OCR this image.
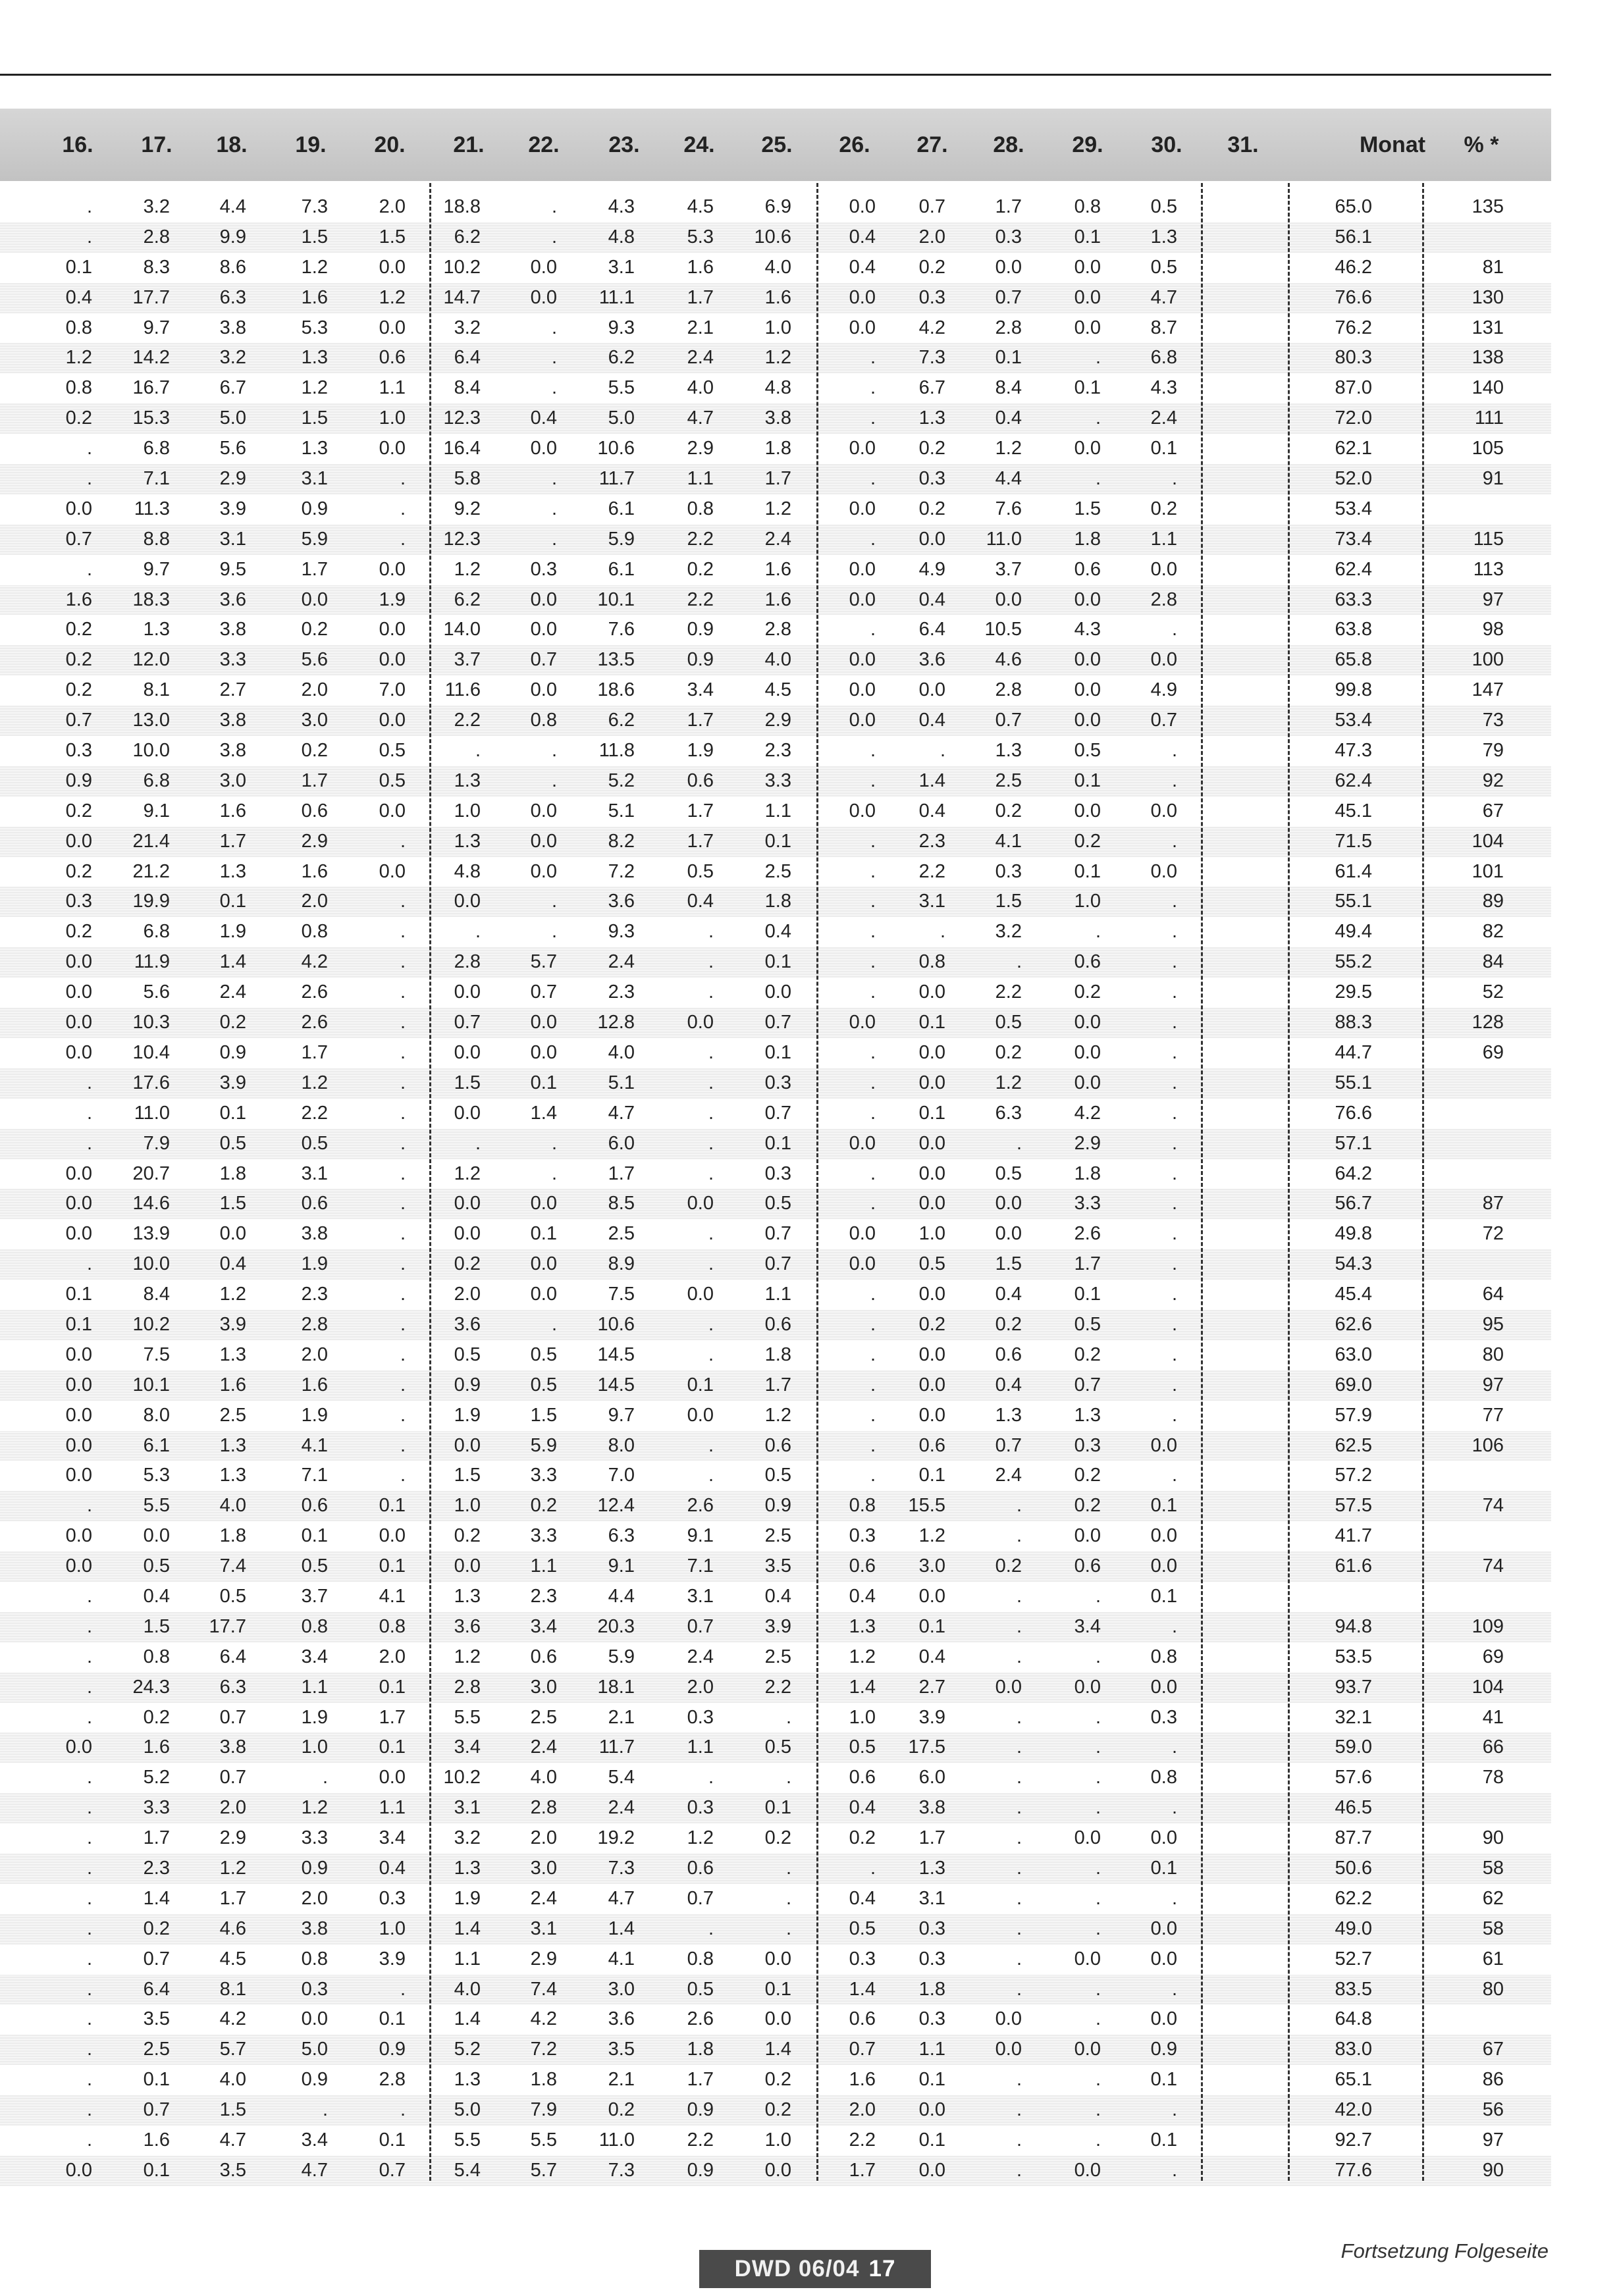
16. 17. 18. 19. 20. 21. 22. 23. 24. 25. 26. 27. 28. 29. 30. 31.	Monat % *
.	3.2	4.4	7.3	2.0 18.8	.	4.3	4.5	6.9	0.0 0.7	1.7	0.8	0.5	65.0	135
.	2.8	9.9	1.5	1.5	6.2	.	4.8	5.3 10.6	0.4 2.0	0.3	0.1	1.3	56.1
0.1	8.3	8.6	1.2	0.0 10.2	0.0	3.1	1.6	4.0	0.4 0.2	0.0	0.0	0.5	46.2	81
0.4 17.7	6.3	1.6	1.2 14.7	0.0 11.1	1.7	1.6	0.0 0.3	0.7	0.0	4.7	76.6	130
0.8	9.7	3.8	5.3	0.0	3.2	.	9.3	2.1	1.0	0.0 4.2	2.8	0.0	8.7	76.2	131
1.2 14.2	3.2	1.3	0.6	6.4	.	6.2	2.4	1.2	. 7.3	0.1	.	6.8	80.3	138
0.8 16.7	6.7	1.2	1.1	8.4	.	5.5	4.0	4.8	. 6.7	8.4	0.1	4.3	87.0	140
0.2 15.3	5.0	1.5	1.0 12.3	0.4	5.0	4.7	3.8	. 1.3	0.4	.	2.4	72.0	111
.	6.8	5.6	1.3	0.0 16.4	0.0 10.6	2.9	1.8	0.0 0.2	1.2	0.0	0.1	62.1	105
.	7.1	2.9	3.1	.	5.8	. 11.7	1.1	1.7	. 0.3	4.4	.	.	52.0	91
0.0 11.3	3.9	0.9	.	9.2	.	6.1	0.8	1.2	0.0 0.2	7.6	1.5	0.2	53.4
0.7	8.8	3.1	5.9	. 12.3	.	5.9	2.2	2.4	. 0.0 11.0	1.8	1.1	73.4	115
.	9.7	9.5	1.7	0.0	1.2	0.3	6.1	0.2	1.6	0.0 4.9	3.7	0.6	0.0	62.4	113
1.6 18.3	3.6	0.0	1.9	6.2	0.0 10.1	2.2	1.6	0.0 0.4	0.0	0.0	2.8	63.3	97
0.2	1.3	3.8	0.2	0.0 14.0	0.0	7.6	0.9	2.8	. 6.4 10.5	4.3	.	63.8	98
0.2 12.0	3.3	5.6	0.0	3.7	0.7 13.5	0.9	4.0	0.0 3.6	4.6	0.0	0.0	65.8	100
0.2	8.1	2.7	2.0	7.0 11.6	0.0 18.6	3.4	4.5	0.0 0.0	2.8	0.0	4.9	99.8	147
0.7 13.0	3.8	3.0	0.0	2.2	0.8	6.2	1.7	2.9	0.0 0.4	0.7	0.0	0.7	53.4	73
0.3 10.0	3.8	0.2	0.5	.	. 11.8	1.9	2.3	.	.	1.3	0.5	.	47.3	79
0.9	6.8	3.0	1.7	0.5	1.3	.	5.2	0.6	3.3	. 1.4	2.5	0.1	.	62.4	92
0.2	9.1	1.6	0.6	0.0	1.0	0.0	5.1	1.7	1.1	0.0 0.4	0.2	0.0	0.0	45.1	67
0.0 21.4	1.7	2.9	.	1.3	0.0	8.2	1.7	0.1	. 2.3	4.1	0.2	.	71.5	104
0.2 21.2	1.3	1.6	0.0	4.8	0.0	7.2	0.5	2.5	. 2.2	0.3	0.1	0.0	61.4	101
0.3 19.9	0.1	2.0	.	0.0	.	3.6	0.4	1.8	. 3.1	1.5	1.0	.	55.1	89
0.2	6.8	1.9	0.8	.	.	.	9.3	.	0.4	.	.	3.2	.	.	49.4	82
0.0 11.9	1.4	4.2	.	2.8	5.7	2.4	.	0.1	. 0.8	.	0.6	.	55.2	84
0.0	5.6	2.4	2.6	.	0.0	0.7	2.3	.	0.0	. 0.0	2.2	0.2	.	29.5	52
0.0 10.3	0.2	2.6	.	0.7	0.0 12.8	0.0	0.7	0.0 0.1	0.5	0.0	.	88.3	128
0.0 10.4	0.9	1.7	.	0.0	0.0	4.0	.	0.1	. 0.0	0.2	0.0	.	44.7	69
. 17.6	3.9	1.2	.	1.5	0.1	5.1	.	0.3	. 0.0	1.2	0.0	.	55.1
. 11.0	0.1	2.2	.	0.0	1.4	4.7	.	0.7	. 0.1	6.3	4.2	.	76.6
.	7.9	0.5	0.5	.	.	.	6.0	.	0.1	0.0 0.0	.	2.9	.	57.1
0.0 20.7	1.8	3.1	.	1.2	.	1.7	.	0.3	. 0.0	0.5	1.8	.	64.2
0.0 14.6	1.5	0.6	.	0.0	0.0	8.5	0.0	0.5	. 0.0	0.0	3.3	.	56.7	87
0.0 13.9	0.0	3.8	.	0.0	0.1	2.5	.	0.7	0.0 1.0	0.0	2.6	.	49.8	72
. 10.0	0.4	1.9	.	0.2	0.0	8.9	.	0.7	0.0 0.5	1.5	1.7	.	54.3
0.1	8.4	1.2	2.3	.	2.0	0.0	7.5	0.0	1.1	. 0.0	0.4	0.1	.	45.4	64
0.1 10.2	3.9	2.8	.	3.6	. 10.6	.	0.6	. 0.2	0.2	0.5	.	62.6	95
0.0	7.5	1.3	2.0	.	0.5	0.5 14.5	.	1.8	. 0.0	0.6	0.2	.	63.0	80
0.0 10.1	1.6	1.6	.	0.9	0.5 14.5	0.1	1.7	. 0.0	0.4	0.7	.	69.0	97
0.0	8.0	2.5	1.9	.	1.9	1.5	9.7	0.0	1.2	. 0.0	1.3	1.3	.	57.9	77
0.0	6.1	1.3	4.1	.	0.0	5.9	8.0	.	0.6	. 0.6	0.7	0.3	0.0	62.5	106
0.0	5.3	1.3	7.1	.	1.5	3.3	7.0	.	0.5	. 0.1	2.4	0.2	.	57.2
.	5.5	4.0	0.6	0.1	1.0	0.2 12.4	2.6	0.9	0.8 15.5	.	0.2	0.1	57.5	74
0.0	0.0	1.8	0.1	0.0	0.2	3.3	6.3	9.1	2.5	0.3 1.2	.	0.0	0.0	41.7
0.0	0.5	7.4	0.5	0.1	0.0	1.1	9.1	7.1	3.5	0.6 3.0	0.2	0.6	0.0	61.6	74
.	0.4	0.5	3.7	4.1	1.3	2.3	4.4	3.1	0.4	0.4 0.0	.	.	0.1
.	1.5 17.7	0.8	0.8	3.6	3.4 20.3	0.7	3.9	1.3 0.1	.	3.4	.	94.8	109
.	0.8	6.4	3.4	2.0	1.2	0.6	5.9	2.4	2.5	1.2 0.4	.	.	0.8	53.5	69
. 24.3	6.3	1.1	0.1	2.8	3.0 18.1	2.0	2.2	1.4 2.7	0.0	0.0	0.0	93.7	104
.	0.2	0.7	1.9	1.7	5.5	2.5	2.1	0.3	.	1.0 3.9	.	.	0.3	32.1	41
0.0	1.6	3.8	1.0	0.1	3.4	2.4 11.7	1.1	0.5	0.5 17.5	.	.	.	59.0	66
.	5.2	0.7	.	0.0 10.2	4.0	5.4	.	.	0.6 6.0	.	.	0.8	57.6	78
.	3.3	2.0	1.2	1.1	3.1	2.8	2.4	0.3	0.1	0.4 3.8	.	.	.	46.5
.	1.7	2.9	3.3	3.4	3.2	2.0 19.2	1.2	0.2	0.2 1.7	.	0.0	0.0	87.7	90
.	2.3	1.2	0.9	0.4	1.3	3.0	7.3	0.6	.	. 1.3	.	.	0.1	50.6	58
.	1.4	1.7	2.0	0.3	1.9	2.4	4.7	0.7	.	0.4 3.1	.	.	.	62.2	62
.	0.2	4.6	3.8	1.0	1.4	3.1	1.4	.	.	0.5 0.3	.	.	0.0	49.0	58
.	0.7	4.5	0.8	3.9	1.1	2.9	4.1	0.8	0.0	0.3 0.3	.	0.0	0.0	52.7	61
.	6.4	8.1	0.3	.	4.0	7.4	3.0	0.5	0.1	1.4 1.8	.	.	.	83.5	80
.	3.5	4.2	0.0	0.1	1.4	4.2	3.6	2.6	0.0	0.6 0.3	0.0	.	0.0	64.8
.	2.5	5.7	5.0	0.9	5.2	7.2	3.5	1.8	1.4	0.7 1.1	0.0	0.0	0.9	83.0	67
.	0.1	4.0	0.9	2.8	1.3	1.8	2.1	1.7	0.2	1.6 0.1	.	.	0.1	65.1	86
.	0.7	1.5	.	.	5.0	7.9	0.2	0.9	0.2	2.0 0.0	.	.	.	42.0	56
.	1.6	4.7	3.4	0.1	5.5	5.5 11.0	2.2	1.0	2.2 0.1	.	.	0.1	92.7	97
0.0	0.1	3.5	4.7	0.7	5.4	5.7	7.3	0.9	0.0	1.7 0.0	.	0.0	.	77.6	90
DWD 06/04 17
Fortsetzung Folgeseite
